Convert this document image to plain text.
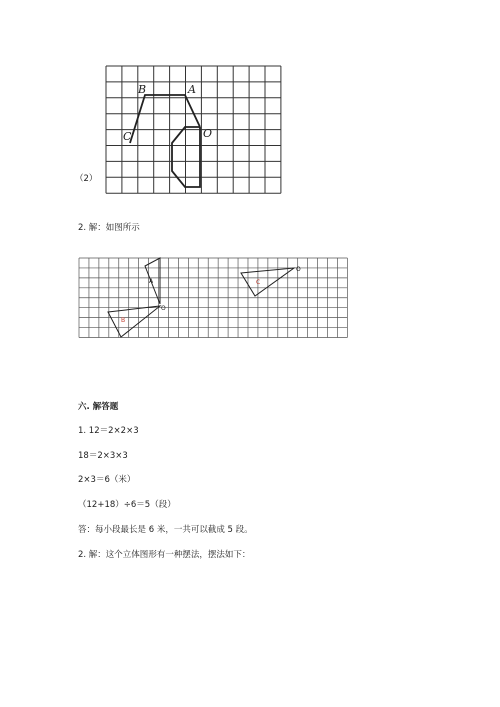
（2）
2. 解：如图所示
六. 解答题
1. 12＝2×2×3
18＝2×3×3
2×3＝6（米）
（12+18）÷6＝5（段）
答：每小段最长是 6 米，一共可以截成 5 段。
2. 解：这个立体图形有一种摆法，摆法如下：
B	A
C	O
A
B
C
O
O
